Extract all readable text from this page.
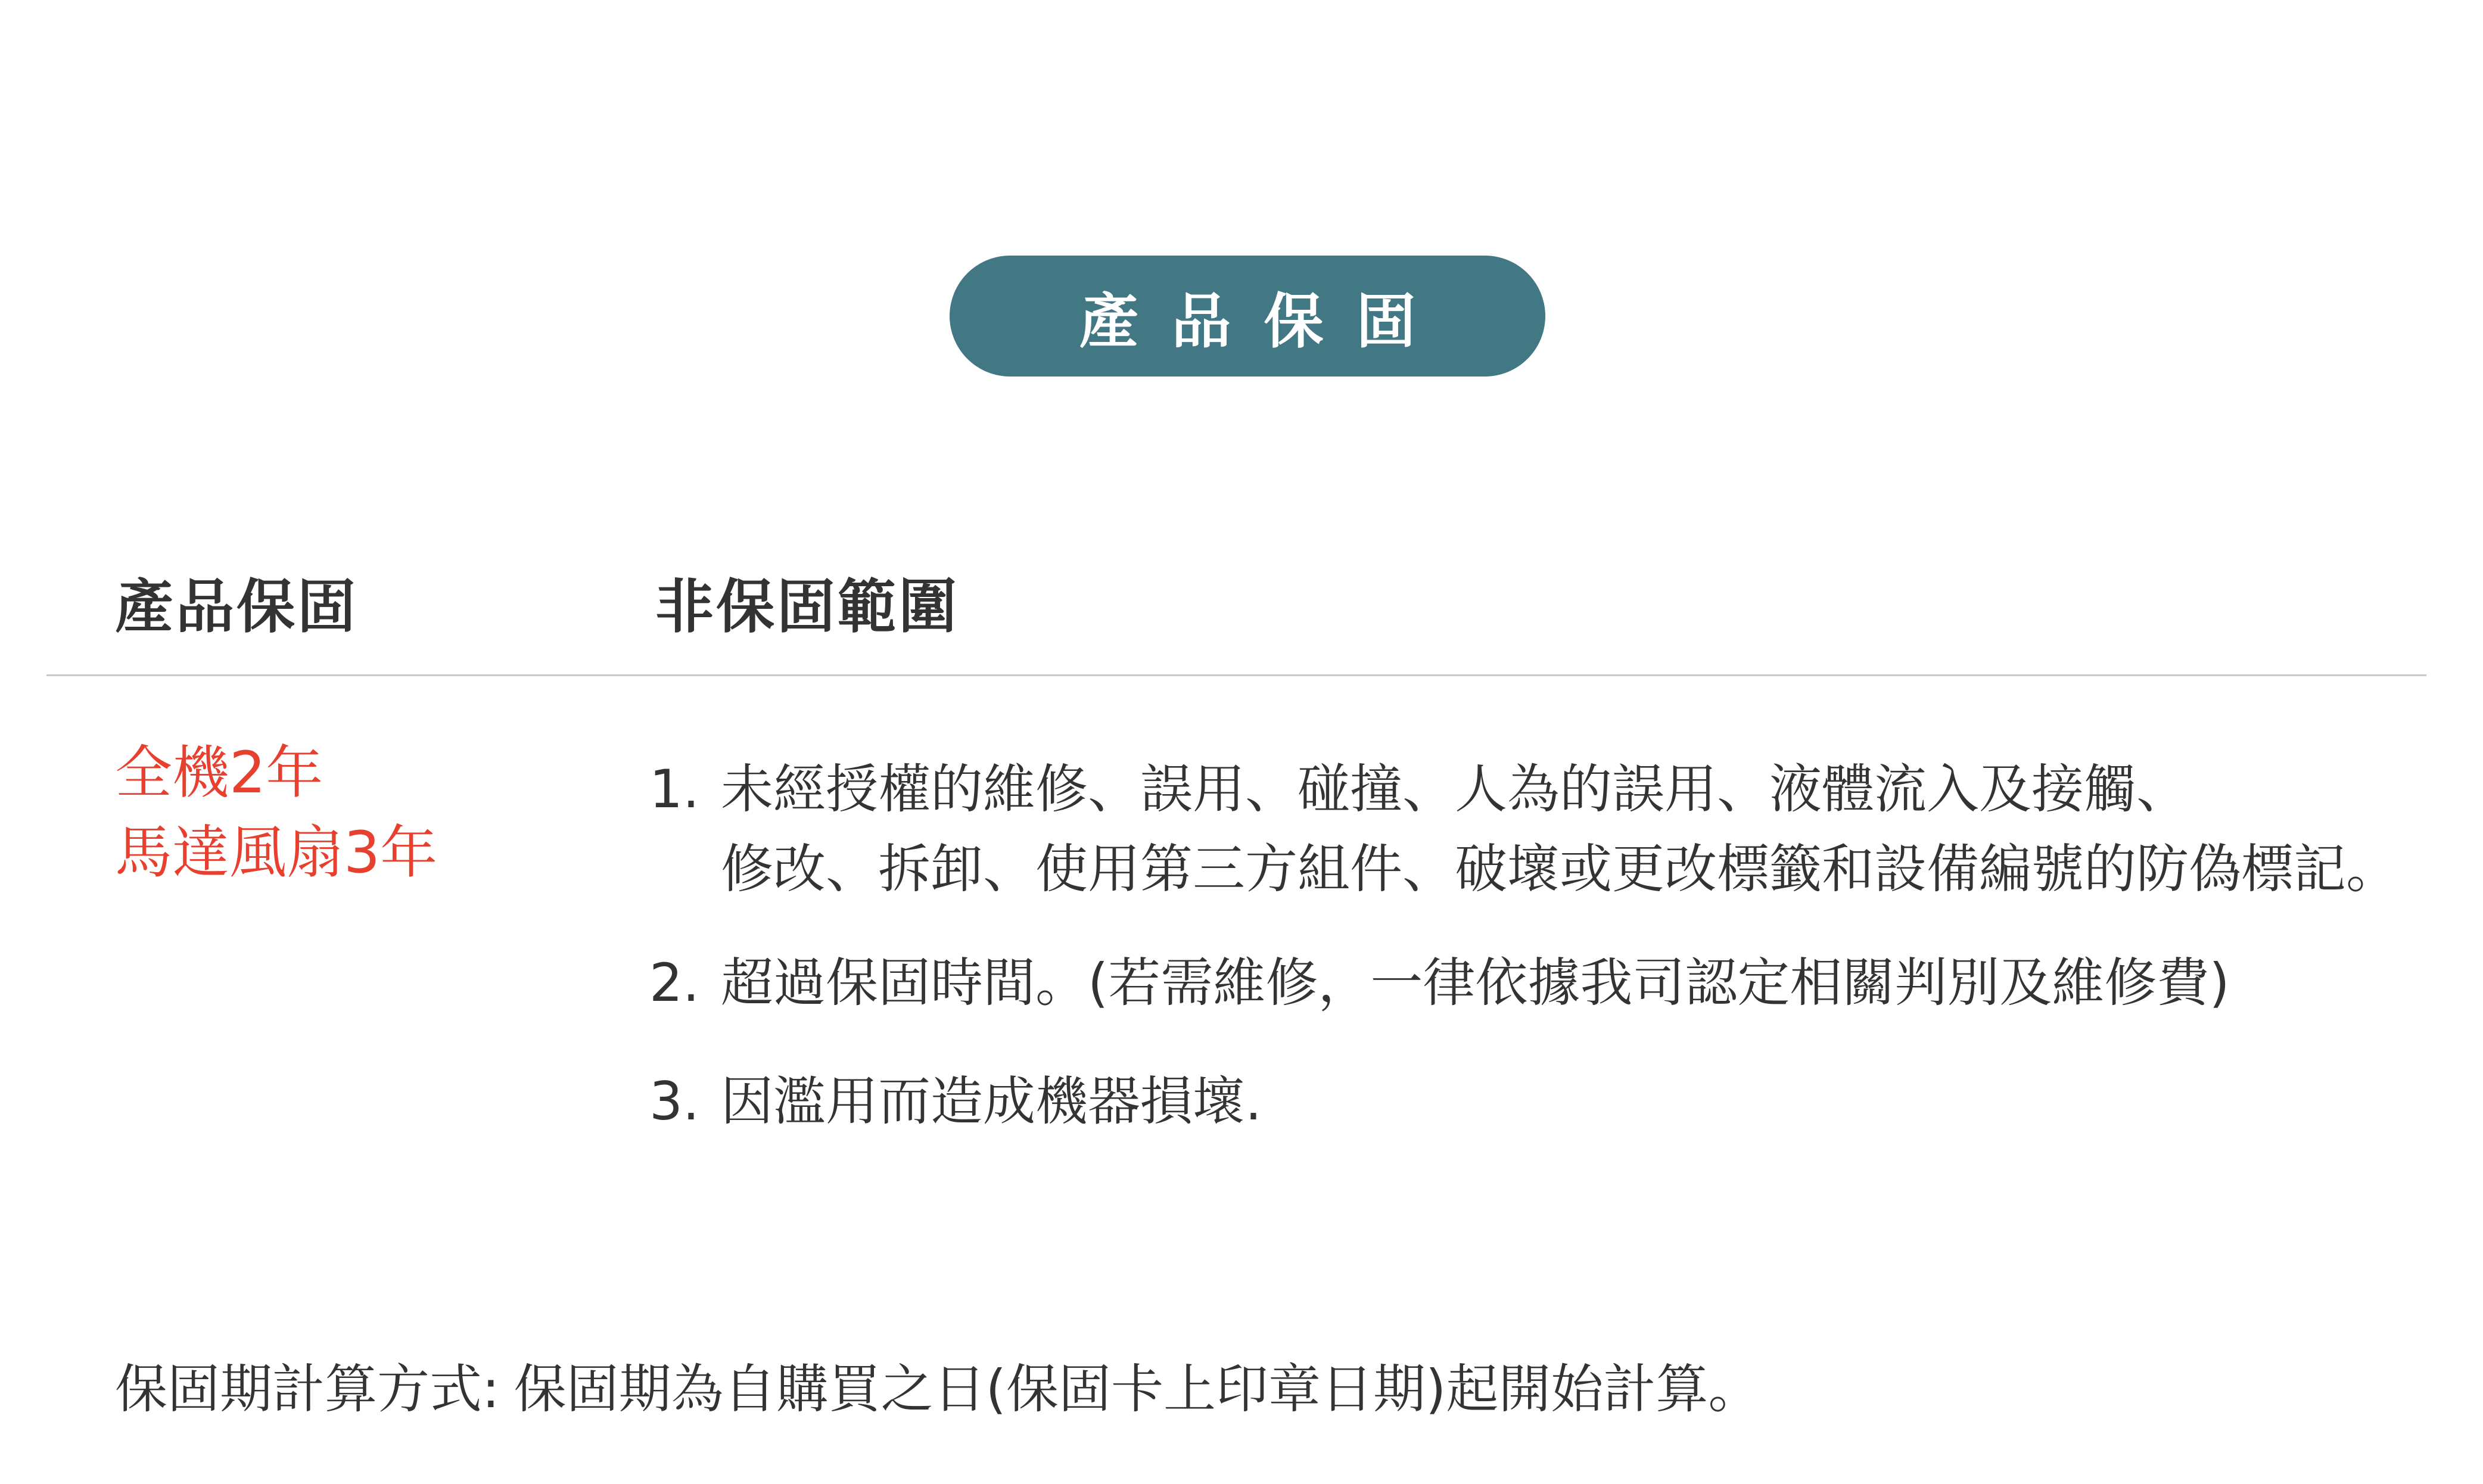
產品保固
產品保固	非保固範圍
全機2年
馬達風扇3年
1. 未經授權的維修、誤用、碰撞、人為的誤用、液體流入及接觸、
修改、拆卸、使用第三方組件、破壞或更改標籤和設備編號的防偽標記。
2. 超過保固時間。(若需維修，一律依據我司認定相關判別及維修費)
3. 因濫用而造成機器損壞.
保固期計算方式: 保固期為自購買之日(保固卡上印章日期)起開始計算。
